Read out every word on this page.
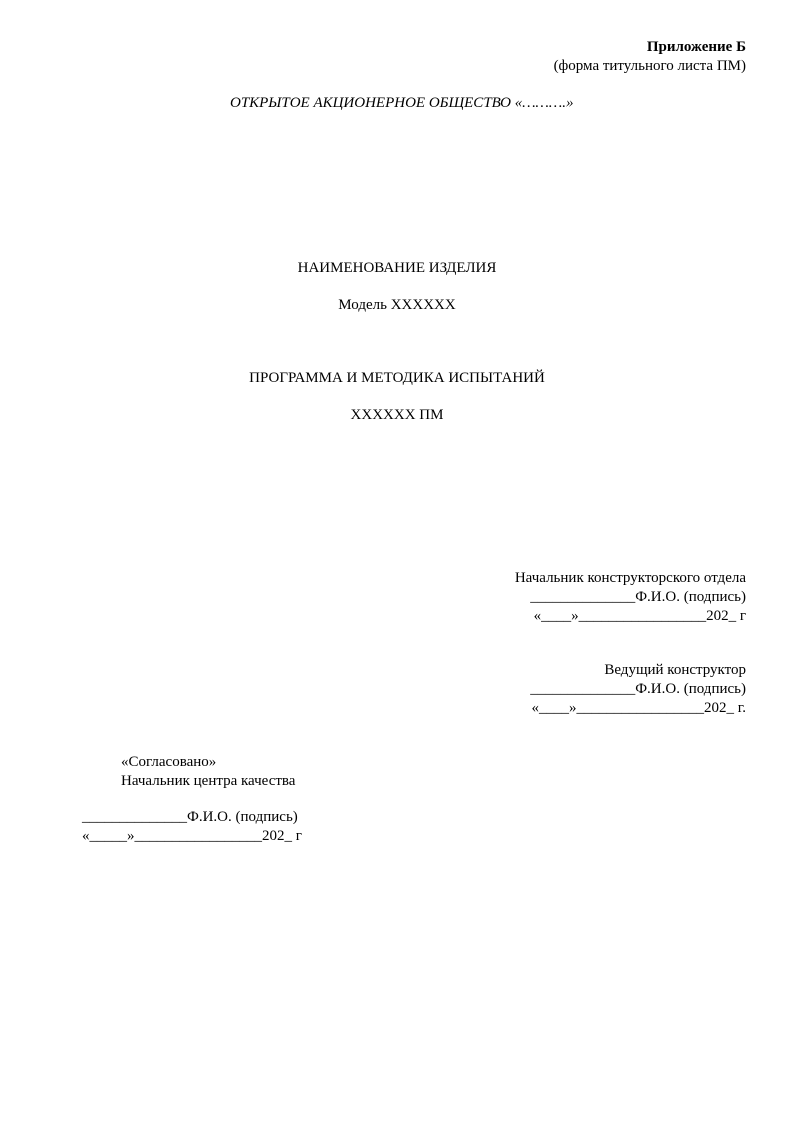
Приложение Б
(форма титульного листа ПМ)
ОТКРЫТОЕ АКЦИОНЕРНОЕ ОБЩЕСТВО «……….»
НАИМЕНОВАНИЕ ИЗДЕЛИЯ
Модель ХХХХХХ
ПРОГРАММА И МЕТОДИКА ИСПЫТАНИЙ
ХХХХХХ ПМ
Начальник конструкторского отдела
______________Ф.И.О. (подпись)
«____»_________________202_ г
Ведущий конструктор
______________Ф.И.О. (подпись)
«____»_________________202_ г.
«Согласовано»
Начальник центра качества
______________Ф.И.О. (подпись)
«_____»_________________202_ г
